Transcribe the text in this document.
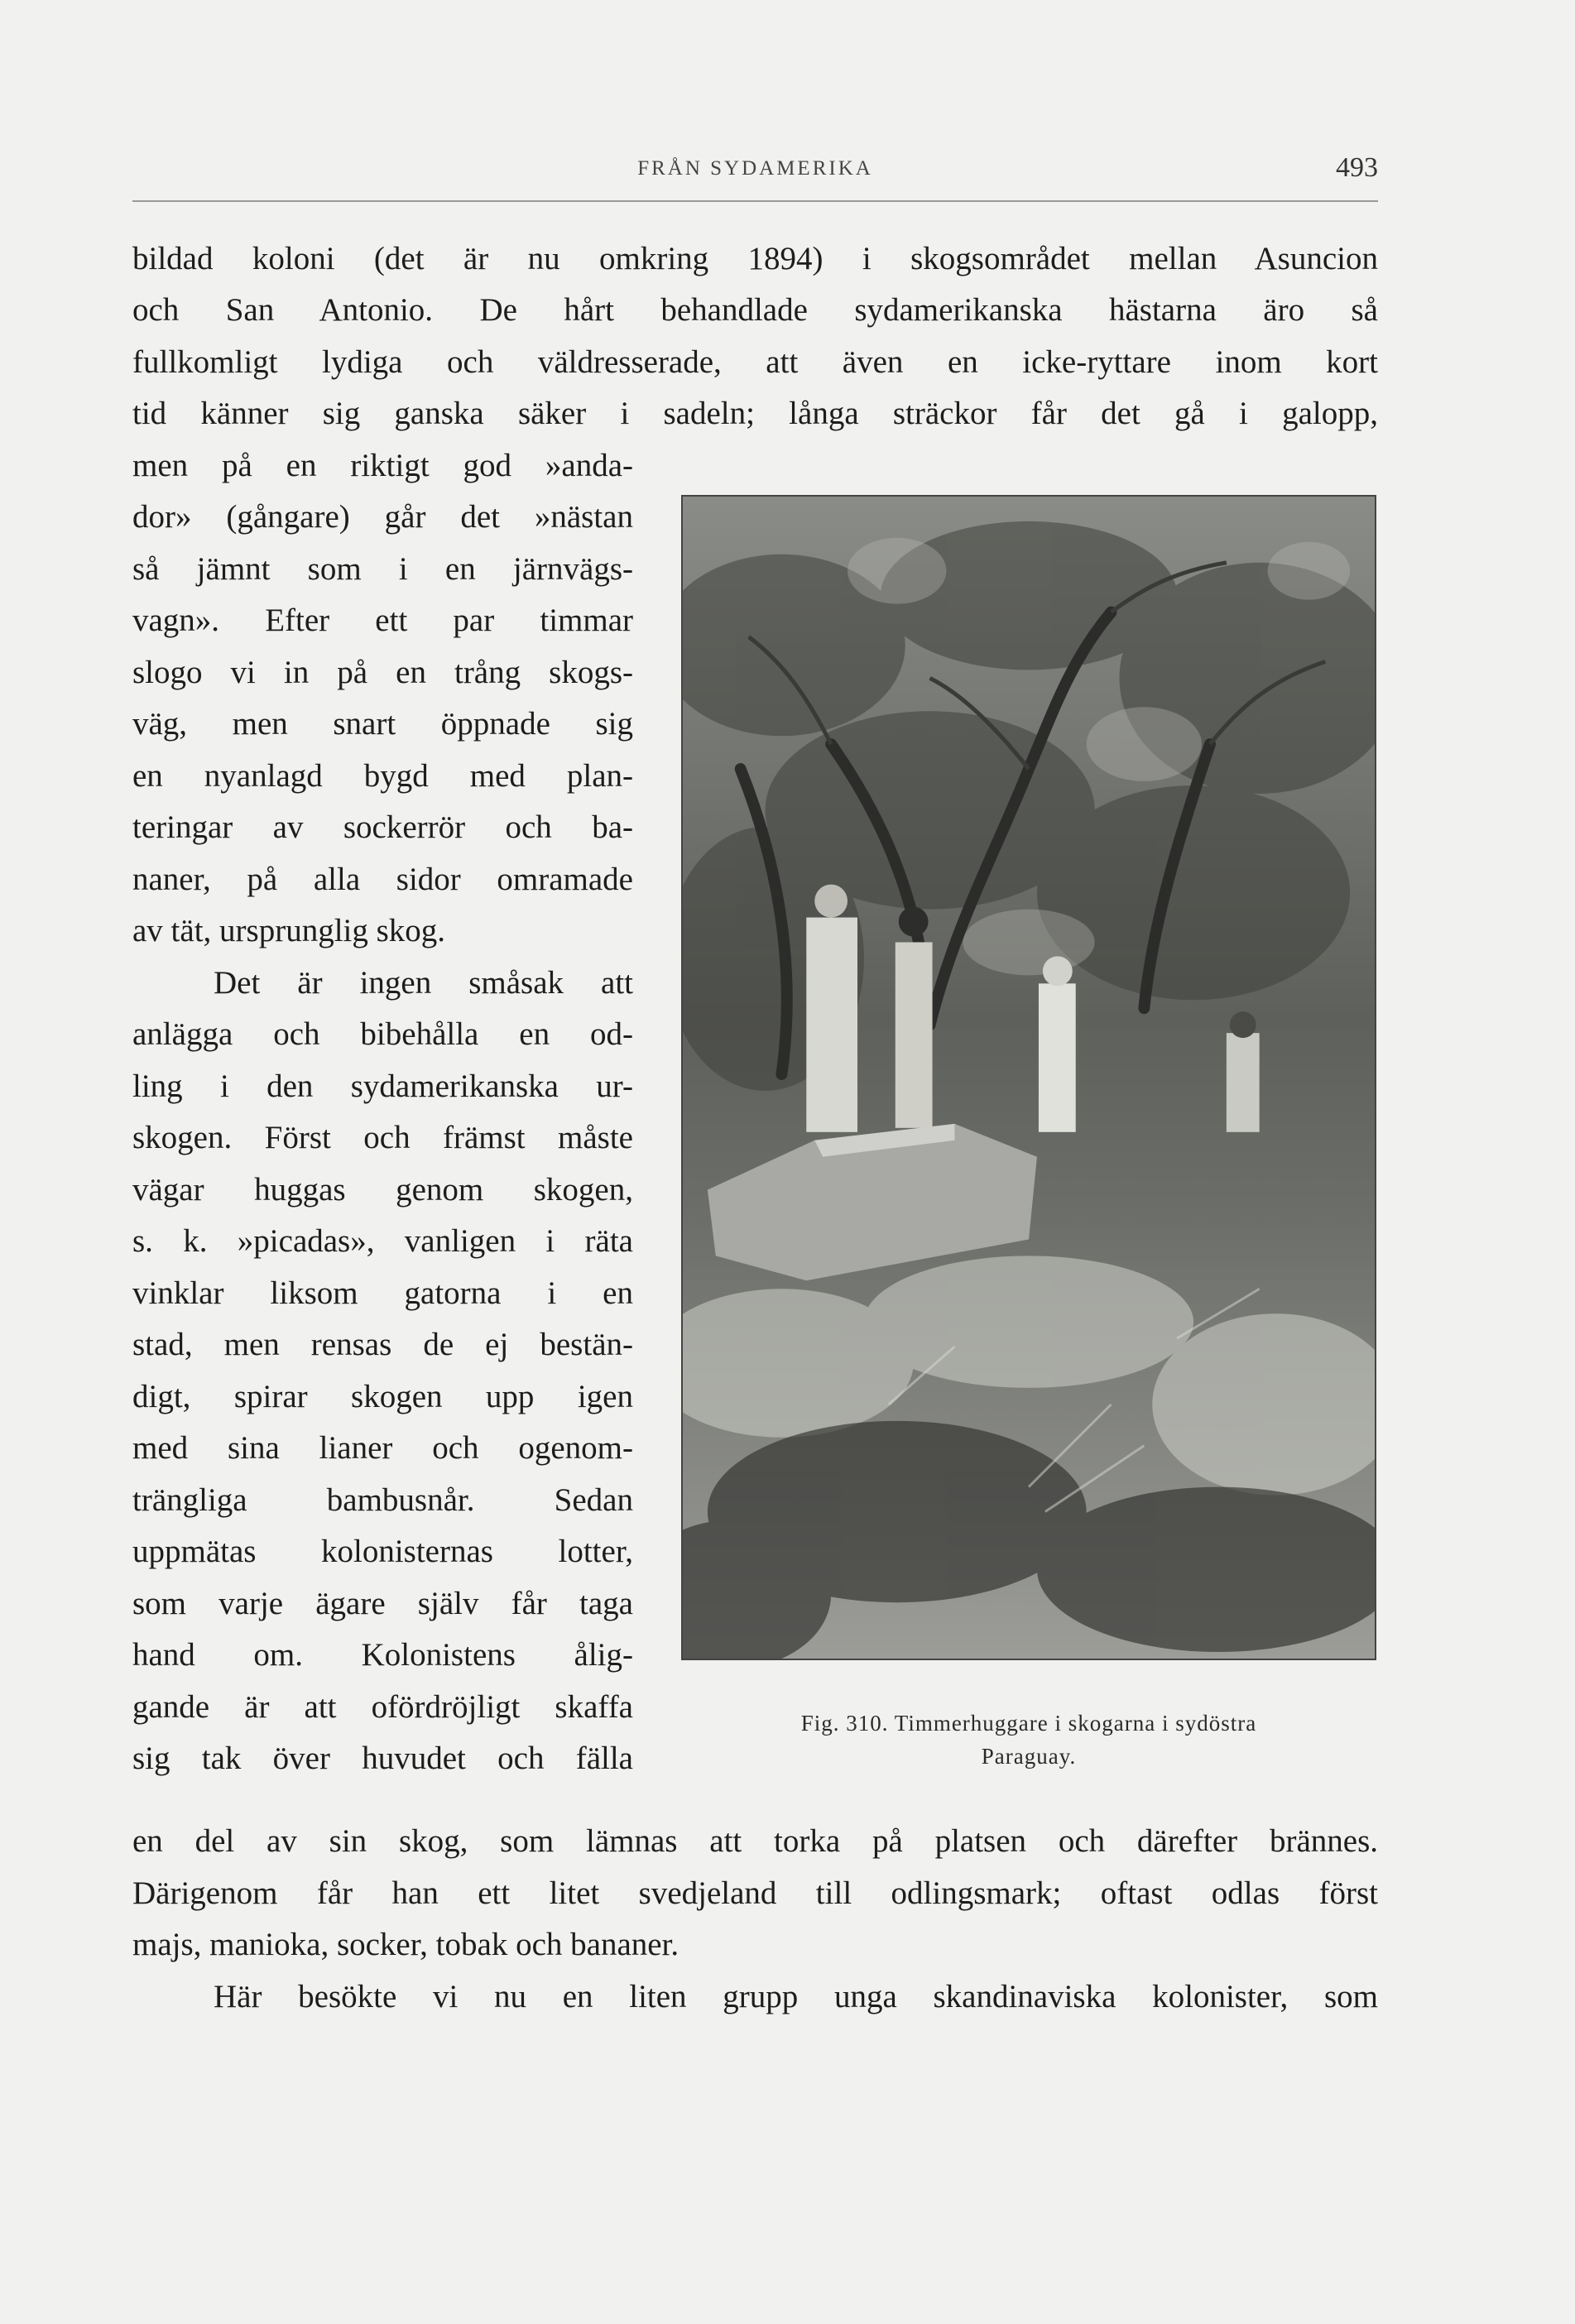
FRÅN SYDAMERIKA	493
bildad koloni (det är nu omkring 1894) i skogsområdet mellan Asuncion
och San Antonio. De hårt behandlade sydamerikanska hästarna äro så
fullkomligt lydiga och väldresserade, att även en icke-ryttare inom kort
tid känner sig ganska säker i sadeln; långa sträckor får det gå i galopp,
men på en riktigt god »anda-
dor» (gångare) går det »nästan
så jämnt som i en järnvägs-
vagn». Efter ett par timmar
slogo vi in på en trång skogs-
väg, men snart öppnade sig
en nyanlagd bygd med plan-
teringar av sockerrör och ba-
naner, på alla sidor omramade
av tät, ursprunglig skog.
Det är ingen småsak att
anlägga och bibehålla en od-
ling i den sydamerikanska ur-
skogen. Först och främst måste
vägar huggas genom skogen,
s. k. »picadas», vanligen i räta
vinklar liksom gatorna i en
stad, men rensas de ej bestän-
digt, spirar skogen upp igen
med sina lianer och ogenom-
trängliga bambusnår. Sedan
uppmätas kolonisternas lotter,
som varje ägare själv får taga
hand om. Kolonistens ålig-
gande är att ofördröjligt skaffa
sig tak över huvudet och fälla
Fig. 310. Timmerhuggare i skogarna i sydöstra
Paraguay.
en del av sin skog, som lämnas att torka på platsen och därefter brännes.
Därigenom får han ett litet svedjeland till odlingsmark; oftast odlas först
majs, manioka, socker, tobak och bananer.
Här besökte vi nu en liten grupp unga skandinaviska kolonister, som
